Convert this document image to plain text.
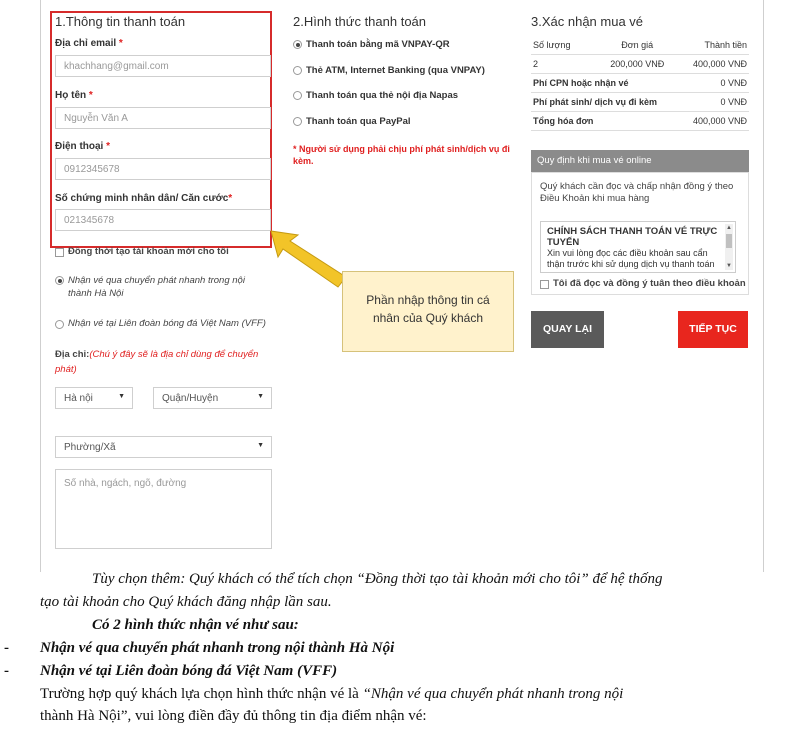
1.Thông tin thanh toán
Địa chỉ email *
khachhang@gmail.com
Họ tên *
Nguyễn Văn A
Điện thoại *
0912345678
Số chứng minh nhân dân/ Căn cước*
021345678
Đồng thời tạo tài khoản mới cho tôi
Nhận vé qua chuyển phát nhanh trong nội thành Hà Nội
Nhận vé tại Liên đoàn bóng đá Việt Nam (VFF)
Địa chỉ:(Chú ý đây sẽ là địa chỉ dùng để chuyển phát)
Hà nội	▼	Quận/Huyện	▼
Phường/Xã	▼
Số nhà, ngách, ngõ, đường
2.Hình thức thanh toán
Thanh toán bằng mã VNPAY-QR
Thẻ ATM, Internet Banking (qua VNPAY)
Thanh toán qua thẻ nội địa Napas
Thanh toán qua PayPal
* Người sử dụng phải chịu phí phát sinh/dịch vụ đi kèm.
3.Xác nhận mua vé
Số lượng	Đơn giá	Thành tiền
2	200,000 VNĐ	400,000 VNĐ
Phí CPN hoặc nhận vé		0 VNĐ
Phí phát sinh/ dịch vụ đi kèm		0 VNĐ
Tổng hóa đơn		400,000 VNĐ
Quy định khi mua vé online
Quý khách cần đọc và chấp nhận đồng ý theo Điều Khoản khi mua hàng
CHÍNH SÁCH THANH TOÁN VÉ TRỰC TUYẾN
Xin vui lòng đọc các điều khoản sau cẩn thận trước khi sử dụng dịch vụ thanh toán
▲
▼
Tôi đã đọc và đồng ý tuân theo điều khoản
QUAY LẠI	TIẾP TỤC
Phần nhập thông tin cá
nhân của Quý khách
Tùy chọn thêm: Quý khách có thể tích chọn “Đồng thời tạo tài khoản mới cho tôi” để hệ thống
tạo tài khoản cho Quý khách đăng nhập lần sau.
Có 2 hình thức nhận vé như sau:
- Nhận vé qua chuyển phát nhanh trong nội thành Hà Nội
- Nhận vé tại Liên đoàn bóng đá Việt Nam (VFF)
Trường hợp quý khách lựa chọn hình thức nhận vé là “Nhận vé qua chuyển phát nhanh trong nội
thành Hà Nội”, vui lòng điền đầy đủ thông tin địa điểm nhận vé:
